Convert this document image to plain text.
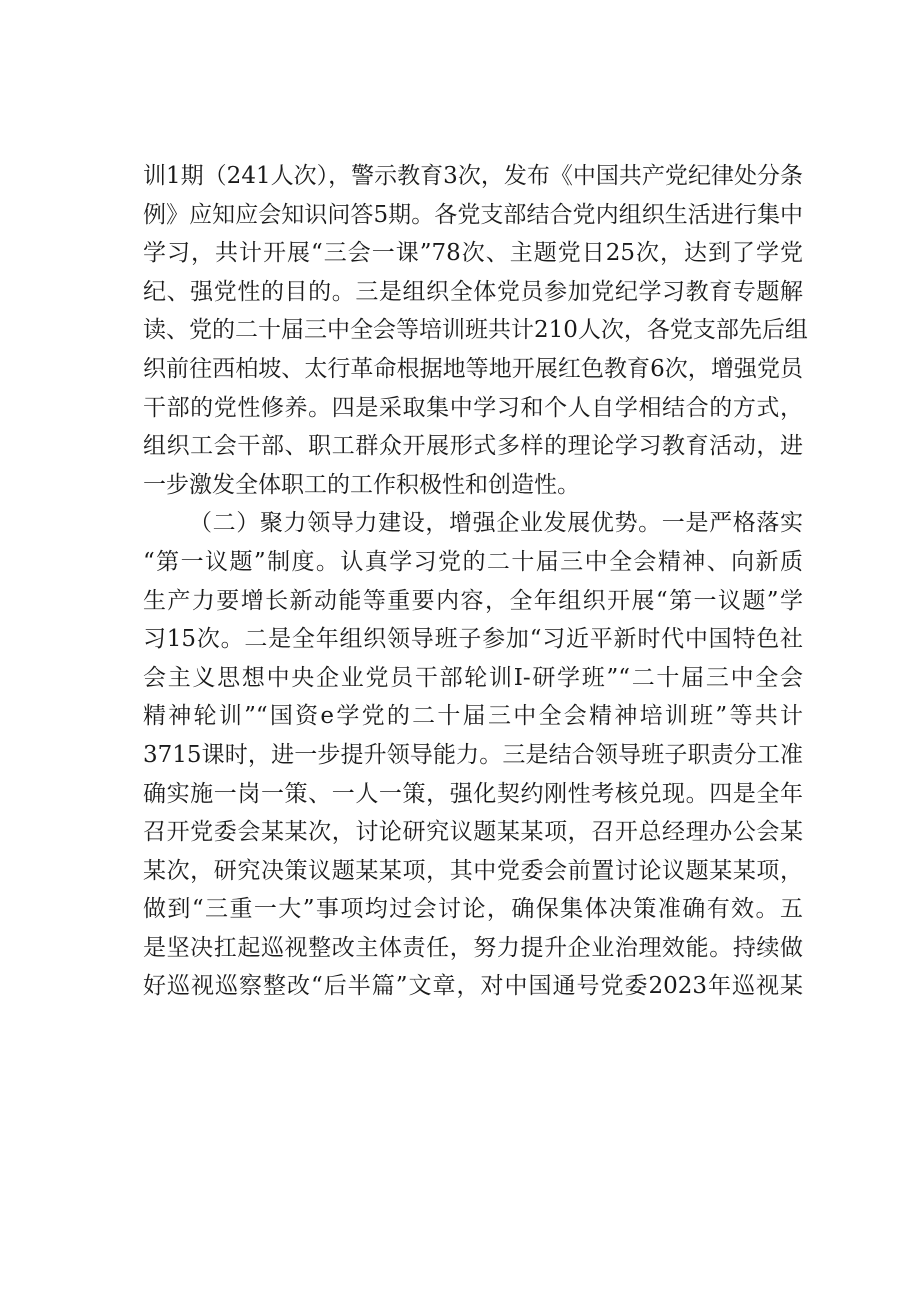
训1期（241人次），警示教育3次，发布《中国共产党纪律处分条
例》应知应会知识问答5期。各党支部结合党内组织生活进行集中
学习，共计开展“三会一课”78次、主题党日25次，达到了学党
纪、强党性的目的。三是组织全体党员参加党纪学习教育专题解
读、党的二十届三中全会等培训班共计210人次，各党支部先后组
织前往西柏坡、太行革命根据地等地开展红色教育6次，增强党员
干部的党性修养。四是采取集中学习和个人自学相结合的方式，
组织工会干部、职工群众开展形式多样的理论学习教育活动，进
一步激发全体职工的工作积极性和创造性。
（二）聚力领导力建设，增强企业发展优势。一是严格落实
“第一议题”制度。认真学习党的二十届三中全会精神、向新质
生产力要增长新动能等重要内容，全年组织开展“第一议题”学
习15次。二是全年组织领导班子参加“习近平新时代中国特色社
会主义思想中央企业党员干部轮训I-研学班”“二十届三中全会
精神轮训”“国资e学党的二十届三中全会精神培训班”等共计
3715课时，进一步提升领导能力。三是结合领导班子职责分工准
确实施一岗一策、一人一策，强化契约刚性考核兑现。四是全年
召开党委会某某次，讨论研究议题某某项，召开总经理办公会某
某次，研究决策议题某某项，其中党委会前置讨论议题某某项，
做到“三重一大”事项均过会讨论，确保集体决策准确有效。五
是坚决扛起巡视整改主体责任，努力提升企业治理效能。持续做
好巡视巡察整改“后半篇”文章，对中国通号党委2023年巡视某
